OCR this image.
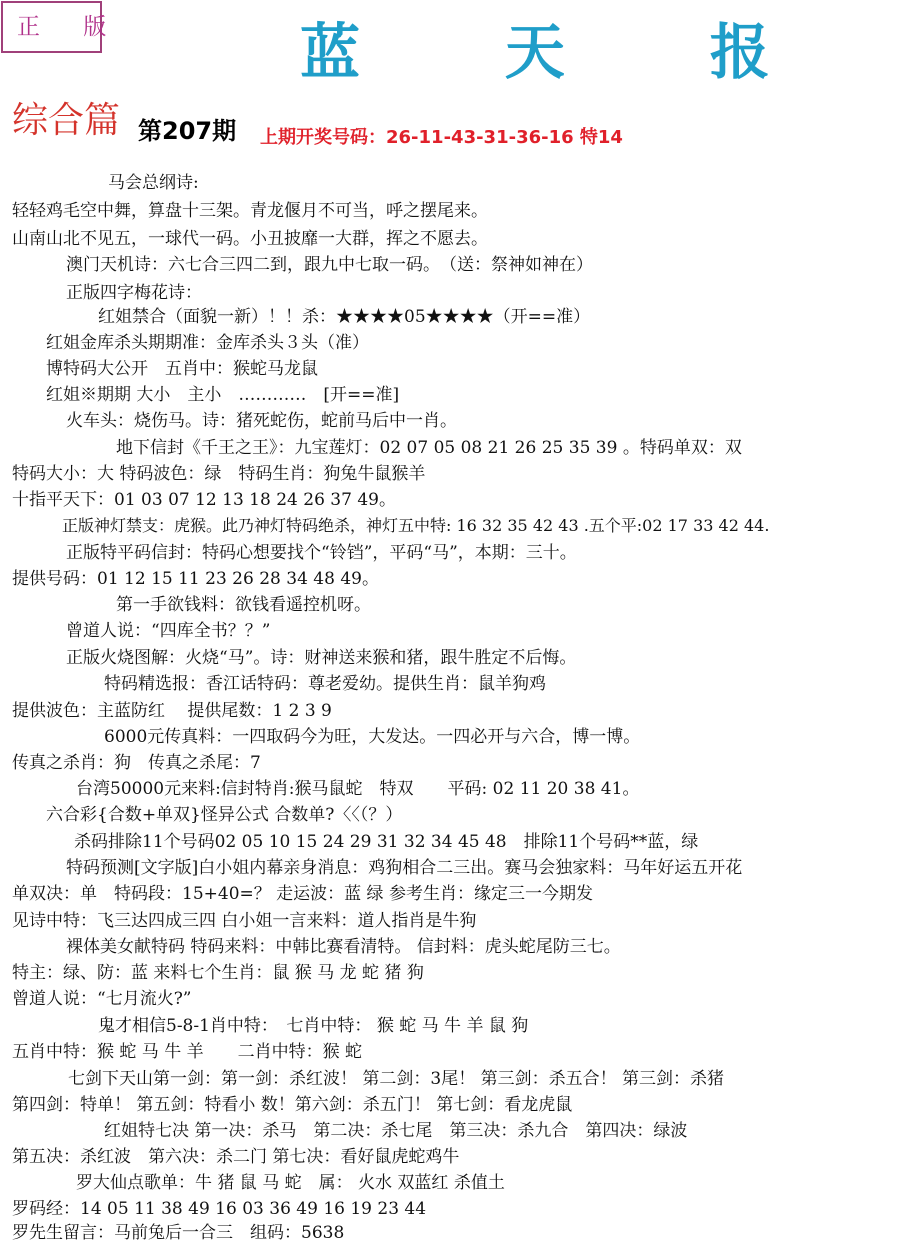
正 版	蓝 天 报
综合篇 第207期 上期开奖号码：26-11-43-31-36-16 特14
马会总纲诗:
轻轻鸡毛空中舞，算盘十三架。青龙偃月不可当，呼之摆尾来。
山南山北不见五，一球代一码。小丑披靡一大群，挥之不愿去。
澳门天机诗：六七合三四二到，跟九中七取一码。　（送：祭神如神在）
正版四字梅花诗：
红姐禁合（面貌一新）！！杀：★★★★05★★★★（开==准）
红姐金库杀头期期准：金库杀头３头（准）
博特码大公开　五肖中：猴蛇马龙鼠
红姐※期期 大小　主小　…………　[开==准]
火车头：烧伤马。诗：猪死蛇伤，蛇前马后中一肖。
地下信封《千王之王》：九宝莲灯：02 07 05 08 21 26 25 35 39 。特码单双：双
特码大小：大 特码波色：绿　特码生肖：狗兔牛鼠猴羊
十指平天下：01 03 07 12 13 18 24 26 37 49。
正版神灯禁支：虎猴。此乃神灯特码绝杀，神灯五中特: 16 32 35 42 43 .五个平:02 17 33 42 44.
正版特平码信封：特码心想要找个“铃铛”，平码“马”，本期：三十。
提供号码：01 12 15 11 23 26 28 34 48 49。
第一手欲钱料：欲钱看遥控机呀。
曾道人说：“四库全书？？”
正版火烧图解：火烧“马”。诗：财神送来猴和猪，跟牛胜定不后悔。
特码精选报：香江话特码：尊老爱幼。提供生肖：鼠羊狗鸡
提供波色：主蓝防红　 提供尾数：1 2 3 9
6000元传真料：一四取码今为旺，大发达。一四必开与六合，博一博。
传真之杀肖：狗　传真之杀尾：7
台湾50000元来料:信封特肖:猴马鼠蛇　特双　　平码: 02 11 20 38 41。
六合彩{合数+单双}怪异公式 合数单?〈〈（？）
杀码排除11个号码02 05 10 15 24 29 31 32 34 45 48　排除11个号码**蓝，绿
特码预测[文字版]白小姐内幕亲身消息：鸡狗相合二三出。赛马会独家料：马年好运五开花
单双决：单　特码段：15+40=？ 走运波：蓝 绿 参考生肖：缘定三一今期发
见诗中特：飞三达四成三四 白小姐一言来料：道人指肖是牛狗
裸体美女献特码 特码来料：中韩比赛看清特。 信封料：虎头蛇尾防三七。
特主：绿、防：蓝 来料七个生肖：鼠 猴 马 龙 蛇 猪 狗
曾道人说：“七月流火?”
鬼才相信5-8-1肖中特：　七肖中特： 猴 蛇 马 牛 羊 鼠 狗
五肖中特：猴 蛇 马 牛 羊　　二肖中特：猴 蛇
七剑下天山第一剑：第一剑：杀红波！ 第二剑：3尾！ 第三剑：杀五合！ 第三剑：杀猪
第四剑：特单！ 第五剑：特看小 数！第六剑：杀五门！ 第七剑：看龙虎鼠
红姐特七决 第一决：杀马　第二决：杀七尾　第三决：杀九合　第四决：绿波
第五决：杀红波　第六决：杀二门 第七决：看好鼠虎蛇鸡牛
罗大仙点歌单：牛 猪 鼠 马 蛇　属： 火水 双蓝红 杀值土
罗码经：14 05 11 38 49 16 03 36 49 16 19 23 44
罗先生留言：马前兔后一合三　组码：5638
